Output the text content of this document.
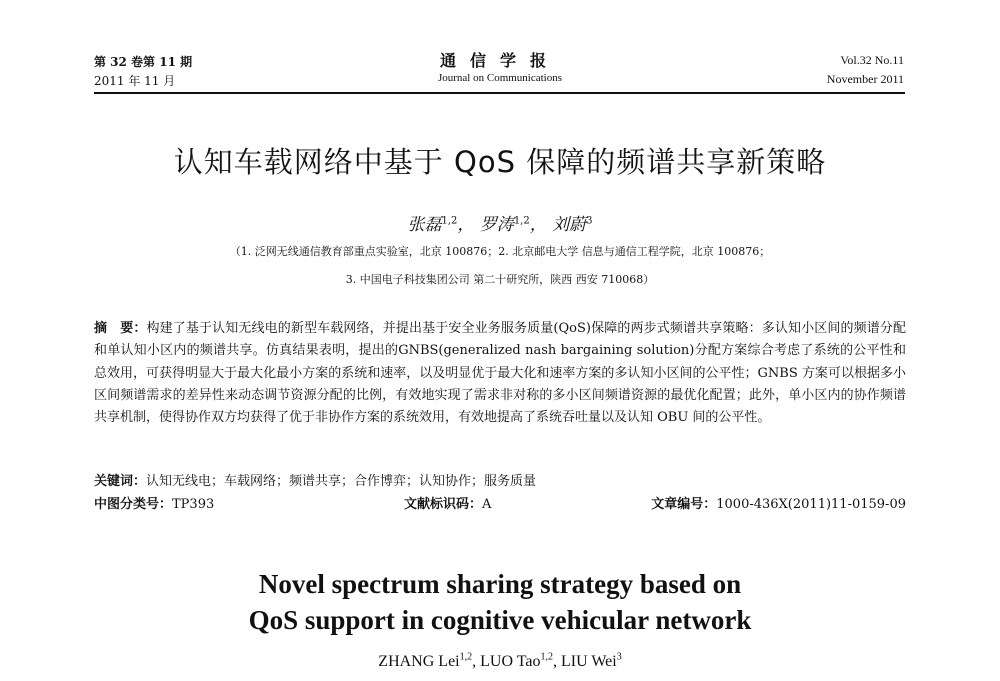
第 32 卷第 11 期
2011 年 11 月
通信学报
Journal on Communications
Vol.32 No.11
November 2011
认知车载网络中基于 QoS 保障的频谱共享新策略
张磊$^{1,2}$， 罗涛$^{1,2}$， 刘蔚$^3$
（1. 泛网无线通信教育部重点实验室，北京 100876；2. 北京邮电大学 信息与通信工程学院，北京 100876；
3. 中国电子科技集团公司 第二十研究所，陕西 西安 710068）
摘　要：构建了基于认知无线电的新型车载网络，并提出基于安全业务服务质量(QoS)保障的两步式频谱共享策略：多认知小区间的频谱分配和单认知小区内的频谱共享。仿真结果表明，提出的GNBS(generalized nash bargaining solution)分配方案综合考虑了系统的公平性和总效用，可获得明显大于最大化最小方案的系统和速率，以及明显优于最大化和速率方案的多认知小区间的公平性；GNBS 方案可以根据多小区间频谱需求的差异性来动态调节资源分配的比例，有效地实现了需求非对称的多小区间频谱资源的最优化配置；此外，单小区内的协作频谱共享机制，使得协作双方均获得了优于非协作方案的系统效用，有效地提高了系统吞吐量以及认知 OBU 间的公平性。
关键词：认知无线电；车载网络；频谱共享；合作博弈；认知协作；服务质量
中图分类号：TP393	文献标识码：A	文章编号：1000-436X(2011)11-0159-09
Novel spectrum sharing strategy based on
QoS support in cognitive vehicular network
ZHANG Lei$^{1,2}$, LUO Tao$^{1,2}$, LIU Wei$^3$
